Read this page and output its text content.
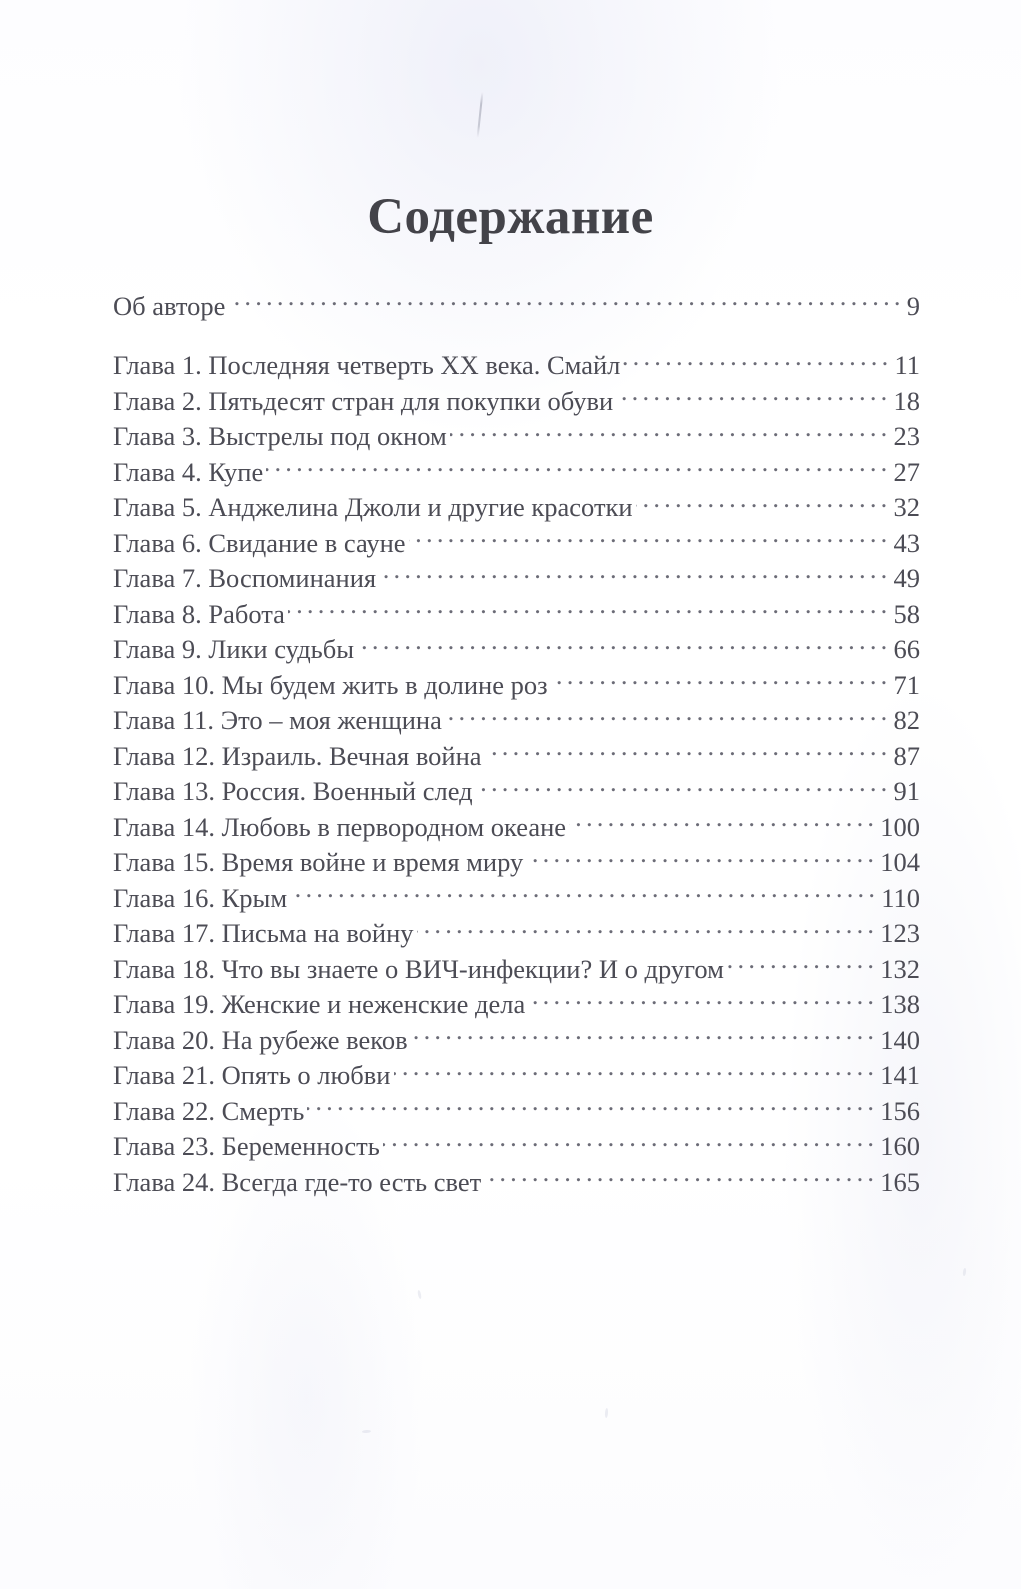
Содержание
Об авторе .....	9
Глава 1. Последняя четверть XX века. Смайл .....	11
Глава 2. Пятьдесят стран для покупки обуви .....	18
Глава 3. Выстрелы под окном .....	23
Глава 4. Купе .....	27
Глава 5. Анджелина Джоли и другие красотки .....	32
Глава 6. Свидание в сауне .....	43
Глава 7. Воспоминания .....	49
Глава 8. Работа .....	58
Глава 9. Лики судьбы .....	66
Глава 10. Мы будем жить в долине роз .....	71
Глава 11. Это – моя женщина .....	82
Глава 12. Израиль. Вечная война .....	87
Глава 13. Россия. Военный след .....	91
Глава 14. Любовь в первородном океане .....	100
Глава 15. Время войне и время миру .....	104
Глава 16. Крым .....	110
Глава 17. Письма на войну .....	123
Глава 18. Что вы знаете о ВИЧ-инфекции? И о другом .....	132
Глава 19. Женские и неженские дела .....	138
Глава 20. На рубеже веков .....	140
Глава 21. Опять о любви .....	141
Глава 22. Смерть .....	156
Глава 23. Беременность .....	160
Глава 24. Всегда где-то есть свет .....	165
